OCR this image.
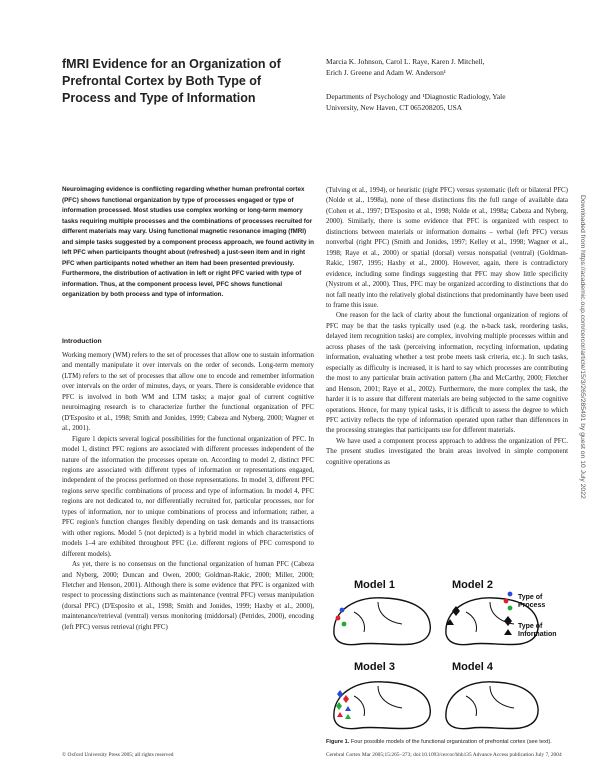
fMRI Evidence for an Organization of Prefrontal Cortex by Both Type of Process and Type of Information
Marcia K. Johnson, Carol L. Raye, Karen J. Mitchell,
Erich J. Greene and Adam W. Anderson¹
Departments of Psychology and ¹Diagnostic Radiology, Yale
University, New Haven, CT 065208205, USA
Neuroimaging evidence is conflicting regarding whether human prefrontal cortex (PFC) shows functional organization by type of processes engaged or type of information processed. Most studies use complex working or long-term memory tasks requiring multiple processes and the combinations of processes recruited for different materials may vary. Using functional magnetic resonance imaging (fMRI) and simple tasks suggested by a component process approach, we found activity in left PFC when participants thought about (refreshed) a just-seen item and in right PFC when participants noted whether an item had been presented previously. Furthermore, the distribution of activation in left or right PFC varied with type of information. Thus, at the component process level, PFC shows functional organization by both process and type of information.
Introduction

Working memory (WM) refers to the set of processes that allow one to sustain information and mentally manipulate it over intervals on the order of seconds. Long-term memory (LTM) refers to the set of processes that allow one to encode and remember information over intervals on the order of minutes, days, or years. There is considerable evidence that PFC is involved in both WM and LTM tasks; a major goal of current cognitive neuroimaging research is to characterize further the functional organization of PFC (D'Esposito et al., 1998; Smith and Jonides, 1999; Cabeza and Nyberg, 2000; Wagner et al., 2001).

Figure 1 depicts several logical possibilities for the functional organization of PFC. In model 1, distinct PFC regions are associated with different processes independent of the nature of the information the processes operate on. According to model 2, distinct PFC regions are associated with different types of information or representations engaged, independent of the process performed on those representations. In model 3, different PFC regions serve specific combinations of process and type of information. In model 4, PFC regions are not dedicated to, nor differentially recruited for, particular processes, nor for types of information, nor to unique combinations of process and information; rather, a PFC region's function changes flexibly depending on task demands and its transactions with other regions. Model 5 (not depicted) is a hybrid model in which characteristics of models 1–4 are exhibited throughout PFC (i.e. different regions of PFC correspond to different models).

As yet, there is no consensus on the functional organization of human PFC (Cabeza and Nyberg, 2000; Duncan and Owen, 2000; Goldman-Rakic, 2000; Miller, 2000; Fletcher and Henson, 2001). Although there is some evidence that PFC is organized with respect to processing distinctions such as maintenance (ventral PFC) versus manipulation (dorsal PFC) (D'Esposito et al., 1998; Smith and Jonides, 1999; Haxby et al., 2000), maintenance/retrieval (ventral) versus monitoring (middorsal) (Petrides, 2000), encoding (left PFC) versus retrieval (right PFC)

(Tulving et al., 1994), or heuristic (right PFC) versus systematic (left or bilateral PFC) (Nolde et al., 1998a), none of these distinctions fits the full range of available data (Cohen et al., 1997; D'Esposito et al., 1998; Nolde et al., 1998a; Cabeza and Nyberg, 2000). Similarly, there is some evidence that PFC is organized with respect to distinctions between materials or information domains – verbal (left PFC) versus nonverbal (right PFC) (Smith and Jonides, 1997; Kelley et al., 1998; Wagner et al., 1998; Raye et al., 2000) or spatial (dorsal) versus nonspatial (ventral) (Goldman-Rakic, 1987, 1995; Haxby et al., 2000). However, again, there is contradictory evidence, including some findings suggesting that PFC may show little specificity (Nystrom et al., 2000). Thus, PFC may be organized according to distinctions that do not fall neatly into the relatively global distinctions that predominantly have been used to frame this issue.

One reason for the lack of clarity about the functional organization of regions of PFC may be that the tasks typically used (e.g. the n-back task, reordering tasks, delayed item recognition tasks) are complex, involving multiple processes within and across phases of the task (perceiving information, recycling information, updating information, evaluating whether a test probe meets task criteria, etc.). In such tasks, especially as difficulty is increased, it is hard to say which processes are contributing the most to any particular brain activation pattern (Jha and McCarthy, 2000; Fletcher and Henson, 2001; Raye et al., 2002). Furthermore, the more complex the task, the harder it is to assure that different materials are being subjected to the same cognitive operations. Hence, for many typical tasks, it is difficult to assess the degree to which PFC activity reflects the type of information operated upon rather than differences in the processing strategies that participants use for different materials.

We have used a component process approach to address the organization of PFC. The present studies investigated the brain areas involved in simple component cognitive operations as

Model 1	Model 2
Type of
Process
Type of
Information
Model 3	Model 4
Figure 1. Four possible models of the functional organization of prefrontal cortex (see text).
© Oxford University Press 2005; all rights reserved	Cerebral Cortex Mar 2005;15:265–273; doi:10.1093/cercor/bhh135 Advance Access publication July 7, 2004
Downloaded from https://academic.oup.com/cercor/article/15/3/265/285491 by guest on 10 July 2022
